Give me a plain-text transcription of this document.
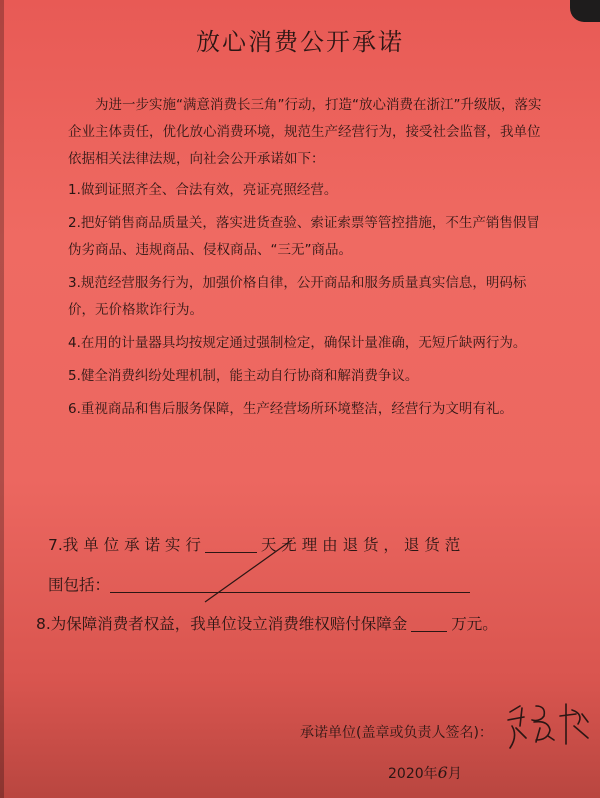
放心消费公开承诺

为进一步实施“满意消费长三角”行动，打造“放心消费在浙江”升级版，落实企业主体责任，优化放心消费环境，规范生产经营行为，接受社会监督，我单位依据相关法律法规，向社会公开承诺如下：

1.做到证照齐全、合法有效，亮证亮照经营。

2.把好销售商品质量关，落实进货查验、索证索票等管控措施，不生产销售假冒伪劣商品、违规商品、侵权商品、“三无”商品。

3.规范经营服务行为，加强价格自律，公开商品和服务质量真实信息，明码标价，无价格欺诈行为。

4.在用的计量器具均按规定通过强制检定，确保计量准确，无短斤缺两行为。

5.健全消费纠纷处理机制，能主动自行协商和解消费争议。

6.重视商品和售后服务保障，生产经营场所环境整洁，经营行为文明有礼。

7.我 单 位 承 诺 实 行	天 无 理 由 退 货 ， 退 货 范
围包括：
8.为保障消费者权益，我单位设立消费维权赔付保障金	万元。
承诺单位(盖章或负责人签名)：
2020年6月
